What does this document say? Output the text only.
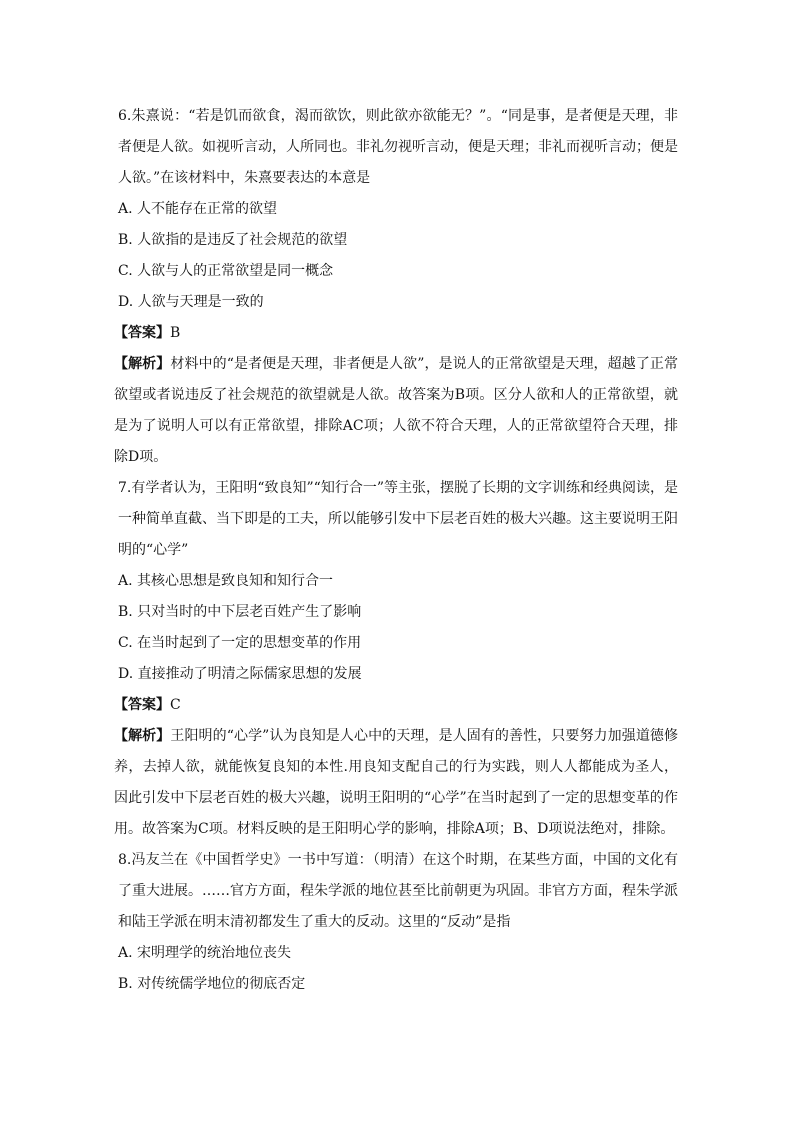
6.朱熹说：“若是饥而欲食，渴而欲饮，则此欲亦欲能无？”。“同是事，是者便是天理，非者便是人欲。如视听言动，人所同也。非礼勿视听言动，便是天理；非礼而视听言动；便是人欲。”在该材料中，朱熹要表达的本意是

A. 人不能存在正常的欲望

B. 人欲指的是违反了社会规范的欲望

C. 人欲与人的正常欲望是同一概念

D. 人欲与天理是一致的

【答案】B

【解析】材料中的“是者便是天理，非者便是人欲”，是说人的正常欲望是天理，超越了正常欲望或者说违反了社会规范的欲望就是人欲。故答案为B项。区分人欲和人的正常欲望，就是为了说明人可以有正常欲望，排除AC项；人欲不符合天理，人的正常欲望符合天理，排除D项。

7.有学者认为，王阳明“致良知”“知行合一”等主张，摆脱了长期的文字训练和经典阅读，是一种简单直截、当下即是的工夫，所以能够引发中下层老百姓的极大兴趣。这主要说明王阳明的“心学”

A. 其核心思想是致良知和知行合一

B. 只对当时的中下层老百姓产生了影响

C. 在当时起到了一定的思想变革的作用

D. 直接推动了明清之际儒家思想的发展

【答案】C

【解析】王阳明的“心学”认为良知是人心中的天理，是人固有的善性，只要努力加强道德修养，去掉人欲，就能恢复良知的本性.用良知支配自己的行为实践，则人人都能成为圣人，因此引发中下层老百姓的极大兴趣，说明王阳明的“心学”在当时起到了一定的思想变革的作用。故答案为C项。材料反映的是王阳明心学的影响，排除A项；B、D项说法绝对，排除。

8.冯友兰在《中国哲学史》一书中写道：（明清）在这个时期，在某些方面，中国的文化有了重大进展。……官方方面，程朱学派的地位甚至比前朝更为巩固。非官方方面，程朱学派和陆王学派在明末清初都发生了重大的反动。这里的“反动”是指

A. 宋明理学的统治地位丧失

B. 对传统儒学地位的彻底否定
